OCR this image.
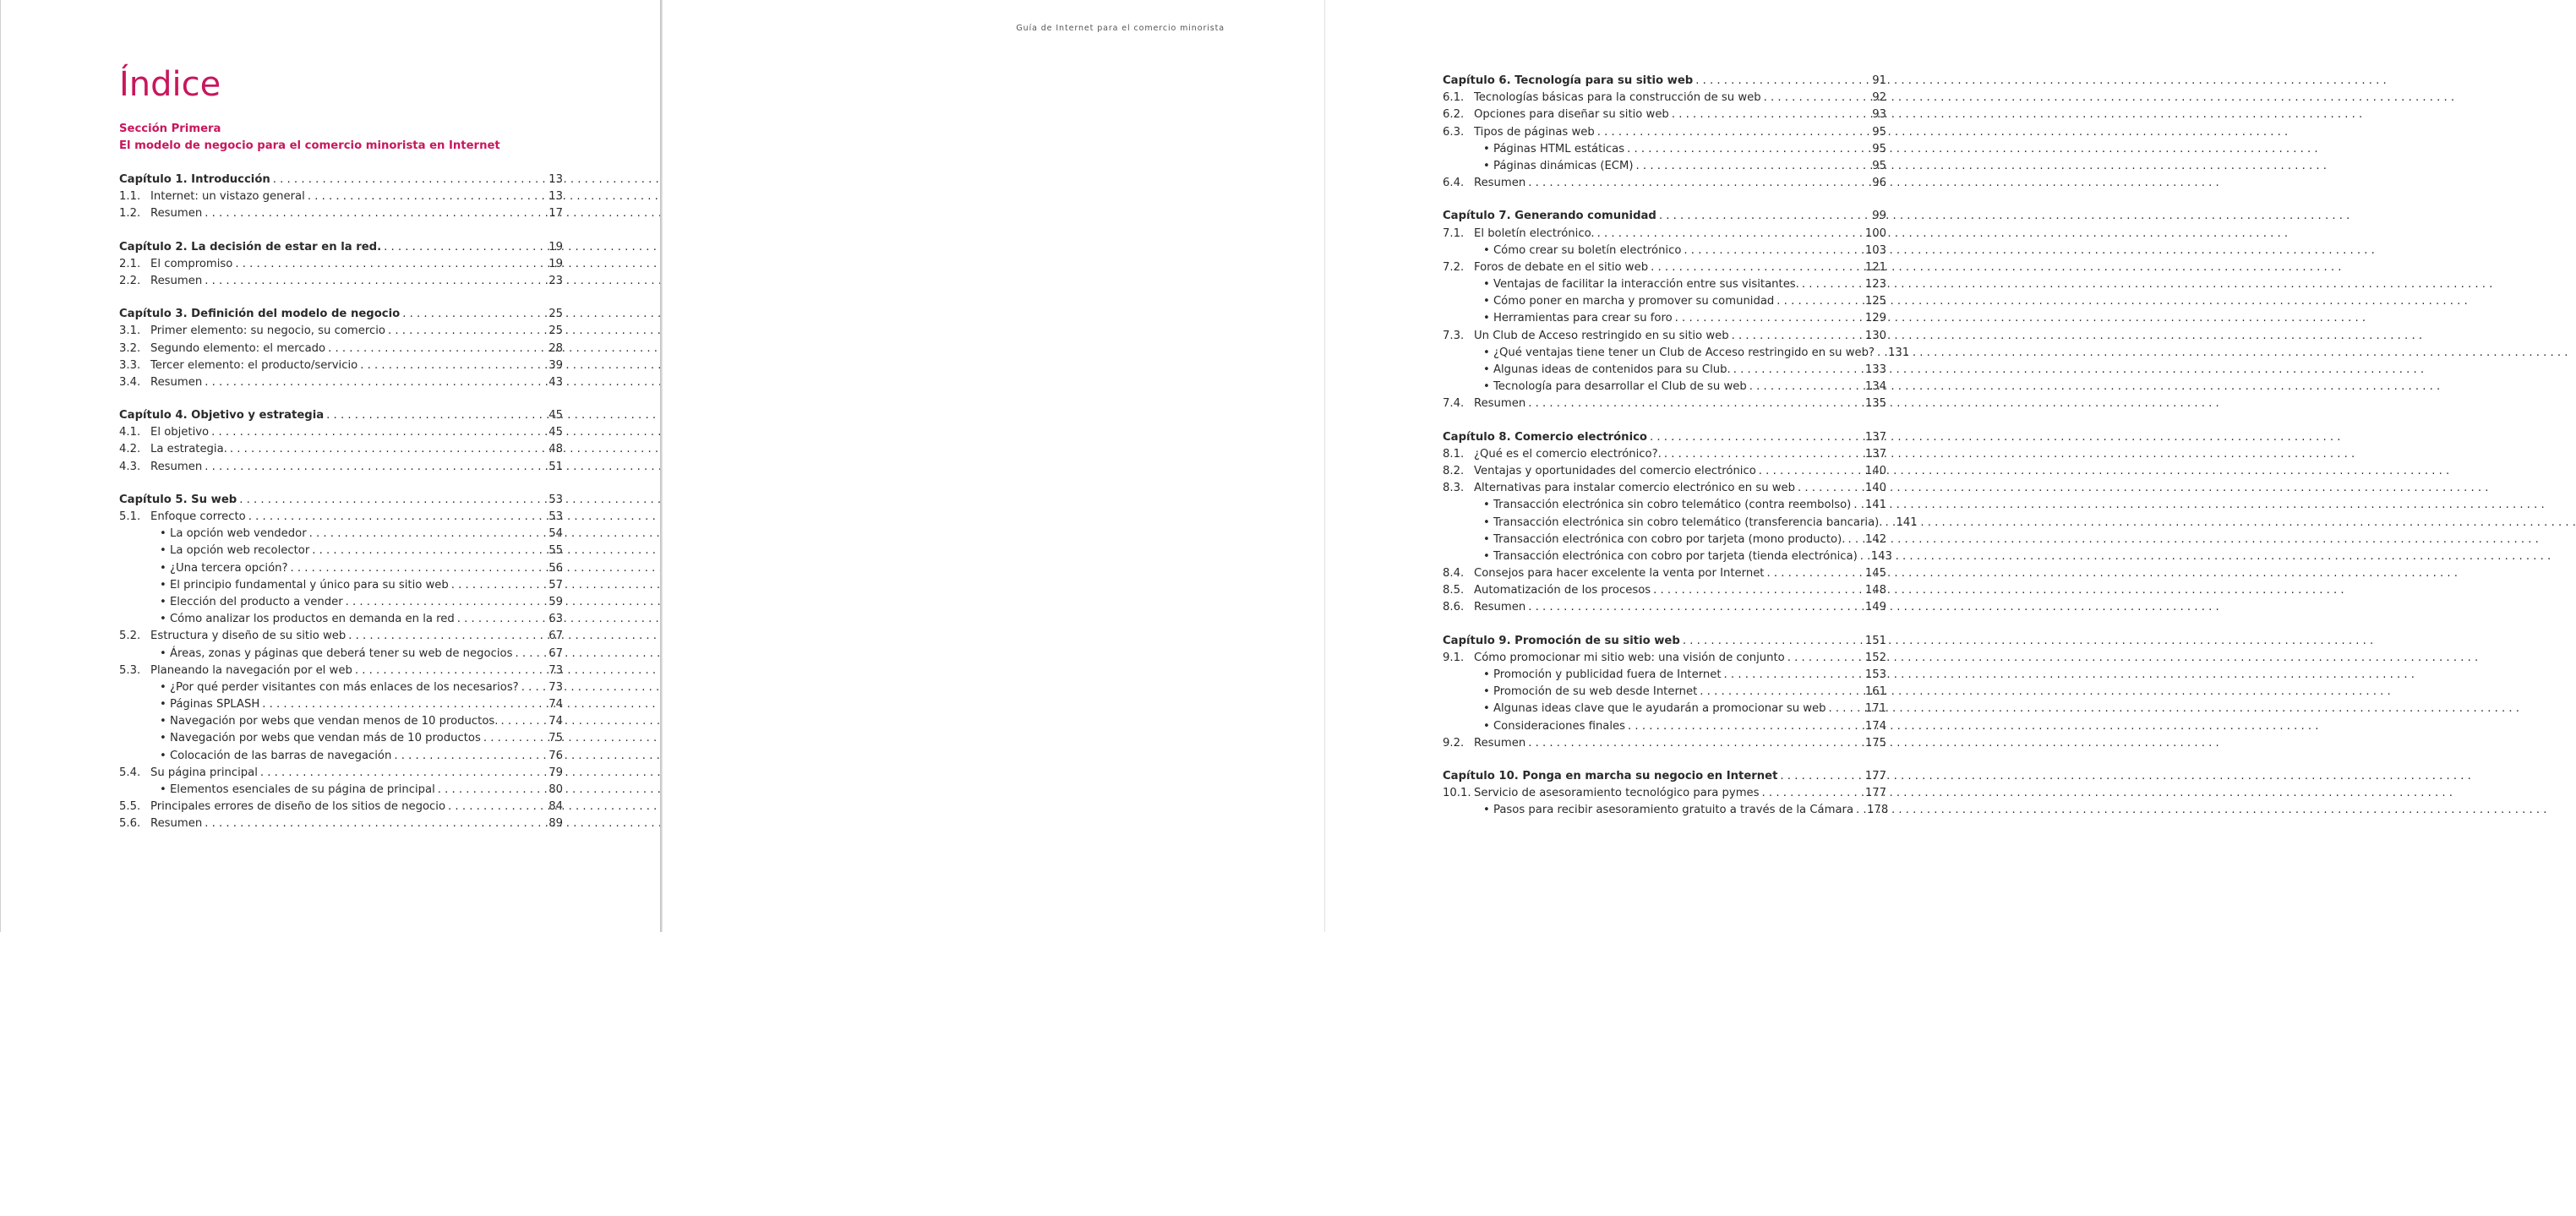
Índice
Sección Primera
El modelo de negocio para el comercio minorista en Internet
Capítulo 1. Introducción . . .	13
1.1. Internet: un vistazo general . . .	13
1.2. Resumen . . .	17
Capítulo 2. La decisión de estar en la red. . . .	19
2.1. El compromiso . . .	19
2.2. Resumen . . .	23
Capítulo 3. Definición del modelo de negocio . . .	25
3.1. Primer elemento: su negocio, su comercio . . .	25
3.2. Segundo elemento: el mercado . . .	28
3.3. Tercer elemento: el producto/servicio . . .	39
3.4. Resumen . . .	43
Capítulo 4. Objetivo y estrategia . . .	45
4.1. El objetivo . . .	45
4.2. La estrategia. . . .	48
4.3. Resumen . . .	51
Capítulo 5. Su web . . .	53
5.1. Enfoque correcto . . .	53
• La opción web vendedor . . .	54
• La opción web recolector . . .	55
• ¿Una tercera opción? . . .	56
• El principio fundamental y único para su sitio web . . .	57
• Elección del producto a vender . . .	59
• Cómo analizar los productos en demanda en la red . . .	63
5.2. Estructura y diseño de su sitio web . . .	67
• Áreas, zonas y páginas que deberá tener su web de negocios . . .	67
5.3. Planeando la navegación por el web . . .	73
• ¿Por qué perder visitantes con más enlaces de los necesarios? . . .	73
• Páginas SPLASH . . .	74
• Navegación por webs que vendan menos de 10 productos. . . .	74
• Navegación por webs que vendan más de 10 productos . . .	75
• Colocación de las barras de navegación . . .	76
5.4. Su página principal . . .	79
• Elementos esenciales de su página de principal . . .	80
5.5. Principales errores de diseño de los sitios de negocio . . .	84
5.6. Resumen . . .	89
Guía de Internet para el comercio minorista
Capítulo 6. Tecnología para su sitio web . . .	91
6.1. Tecnologías básicas para la construcción de su web . . .	92
6.2. Opciones para diseñar su sitio web . . .	93
6.3. Tipos de páginas web . . .	95
• Páginas HTML estáticas . . .	95
• Páginas dinámicas (ECM) . . .	95
6.4. Resumen . . .	96
Capítulo 7. Generando comunidad . . .	99
7.1. El boletín electrónico. . . .	100
• Cómo crear su boletín electrónico . . .	103
7.2. Foros de debate en el sitio web . . .	121
• Ventajas de facilitar la interacción entre sus visitantes. . . .	123
• Cómo poner en marcha y promover su comunidad . . .	125
• Herramientas para crear su foro . . .	129
7.3. Un Club de Acceso restringido en su sitio web . . .	130
• ¿Qué ventajas tiene tener un Club de Acceso restringido en su web? . . . 131
• Algunas ideas de contenidos para su Club. . . .	133
• Tecnología para desarrollar el Club de su web . . .	134
7.4. Resumen . . .	135
Capítulo 8. Comercio electrónico . . .	137
8.1. ¿Qué es el comercio electrónico?. . . .	137
8.2. Ventajas y oportunidades del comercio electrónico . . .	140
8.3. Alternativas para instalar comercio electrónico en su web . . .	140
• Transacción electrónica sin cobro telemático (contra reembolso) . . . 141
• Transacción electrónica sin cobro telemático (transferencia bancaria). . . . 141
• Transacción electrónica con cobro por tarjeta (mono producto). . . . 142
• Transacción electrónica con cobro por tarjeta (tienda electrónica) . . . 143
8.4. Consejos para hacer excelente la venta por Internet . . .	145
8.5. Automatización de los procesos . . .	148
8.6. Resumen . . .	149
Capítulo 9. Promoción de su sitio web . . .	151
9.1. Cómo promocionar mi sitio web: una visión de conjunto . . .	152
• Promoción y publicidad fuera de Internet . . .	153
• Promoción de su web desde Internet . . .	161
• Algunas ideas clave que le ayudarán a promocionar su web . . .	171
• Consideraciones finales . . .	174
9.2. Resumen . . .	175
Capítulo 10. Ponga en marcha su negocio en Internet . . .	177
10.1. Servicio de asesoramiento tecnológico para pymes . . .	177
• Pasos para recibir asesoramiento gratuito a través de la Cámara . . . 178
